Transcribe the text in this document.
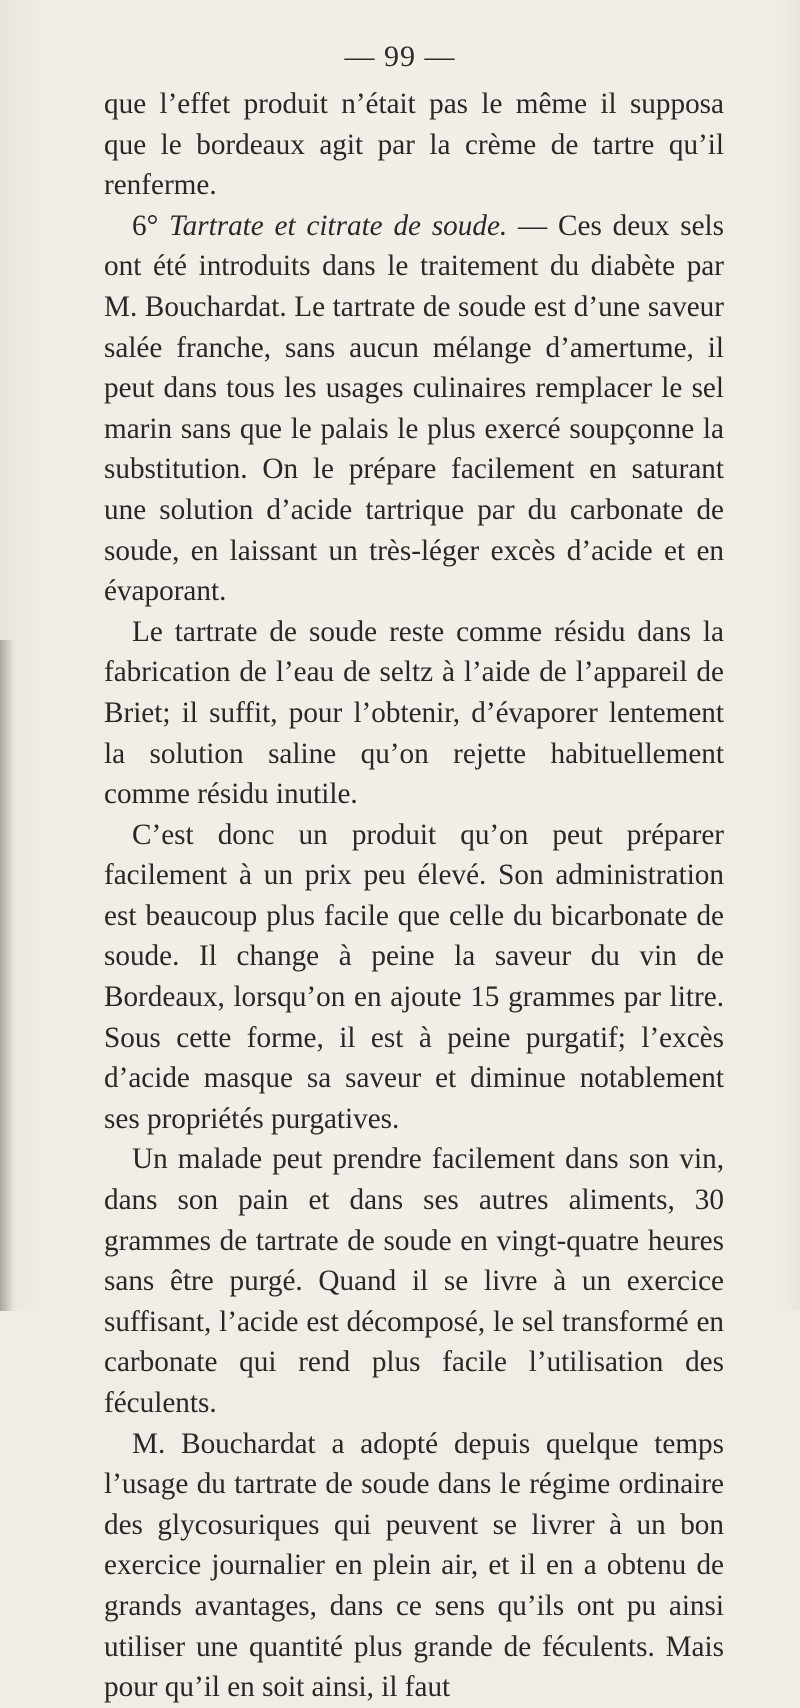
— 99 —

que l’effet produit n’était pas le même il supposa que le bordeaux agit par la crème de tartre qu’il renferme.

6° Tartrate et citrate de soude. — Ces deux sels ont été introduits dans le traitement du diabète par M. Bouchardat. Le tartrate de soude est d’une saveur salée franche, sans aucun mélange d’amertume, il peut dans tous les usages culinaires remplacer le sel marin sans que le palais le plus exercé soupçonne la substitution. On le prépare facilement en saturant une solution d’acide tartrique par du carbonate de soude, en laissant un très-léger excès d’acide et en évaporant.

Le tartrate de soude reste comme résidu dans la fabrication de l’eau de seltz à l’aide de l’appareil de Briet; il suffit, pour l’obtenir, d’évaporer lentement la solution saline qu’on rejette habituellement comme résidu inutile.

C’est donc un produit qu’on peut préparer facilement à un prix peu élevé. Son administration est beaucoup plus facile que celle du bicarbonate de soude. Il change à peine la saveur du vin de Bordeaux, lorsqu’on en ajoute 15 grammes par litre. Sous cette forme, il est à peine purgatif; l’excès d’acide masque sa saveur et diminue notablement ses propriétés purgatives.

Un malade peut prendre facilement dans son vin, dans son pain et dans ses autres aliments, 30 grammes de tartrate de soude en vingt-quatre heures sans être purgé. Quand il se livre à un exercice suffisant, l’acide est décomposé, le sel transformé en carbonate qui rend plus facile l’utilisation des féculents.

M. Bouchardat a adopté depuis quelque temps l’usage du tartrate de soude dans le régime ordinaire des glycosuriques qui peuvent se livrer à un bon exercice journalier en plein air, et il en a obtenu de grands avantages, dans ce sens qu’ils ont pu ainsi utiliser une quantité plus grande de féculents. Mais pour qu’il en soit ainsi, il faut
